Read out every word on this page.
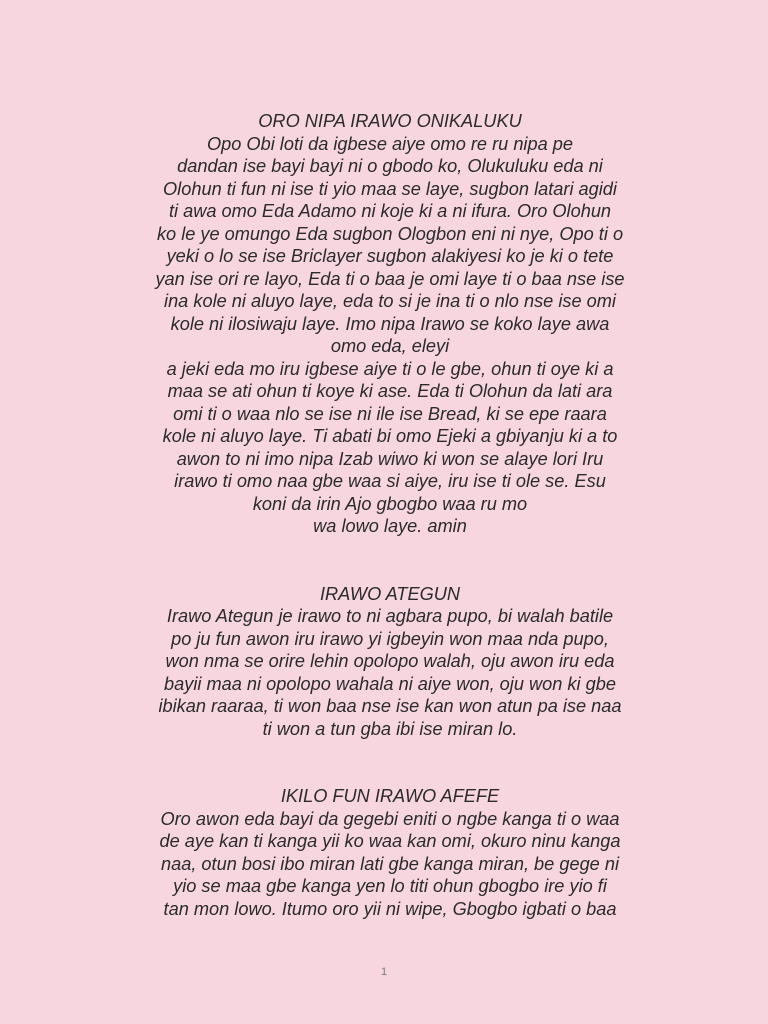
ORO NIPA IRAWO ONIKALUKU
Opo Obi loti da igbese aiye omo re ru nipa pe
dandan ise bayi bayi ni o gbodo ko, Olukuluku eda ni
Olohun ti fun ni ise ti yio maa se laye, sugbon latari agidi
ti awa omo Eda Adamo ni koje ki a ni ifura. Oro Olohun
ko le ye omungo Eda sugbon Ologbon eni ni nye, Opo ti o
yeki o lo se ise Briclayer sugbon alakiyesi ko je ki o tete
yan ise ori re layo, Eda ti o baa je omi laye ti o baa nse ise
ina kole ni aluyo laye, eda to si je ina ti o nlo nse ise omi
kole ni ilosiwaju laye. Imo nipa Irawo se koko laye awa
omo eda, eleyi
a jeki eda mo iru igbese aiye ti o le gbe, ohun ti oye ki a
maa se ati ohun ti koye ki ase. Eda ti Olohun da lati ara
omi ti o waa nlo se ise ni ile ise Bread, ki se epe raara
kole ni aluyo laye. Ti abati bi omo Ejeki a gbiyanju ki a to
awon to ni imo nipa Izab wiwo ki won se alaye lori Iru
irawo ti omo naa gbe waa si aiye, iru ise ti ole se. Esu
koni da irin Ajo gbogbo waa ru mo
wa lowo laye. amin
IRAWO ATEGUN
Irawo Ategun je irawo to ni agbara pupo, bi walah batile
po ju fun awon iru irawo yi igbeyin won maa nda pupo,
won nma se orire lehin opolopo walah, oju awon iru eda
bayii maa ni opolopo wahala ni aiye won, oju won ki gbe
ibikan raaraa, ti won baa nse ise kan won atun pa ise naa
ti won a tun gba ibi ise miran lo.
IKILO FUN IRAWO AFEFE
Oro awon eda bayi da gegebi eniti o ngbe kanga ti o waa
de aye kan ti kanga yii ko waa kan omi, okuro ninu kanga
naa, otun bosi ibo miran lati gbe kanga miran, be gege ni
yio se maa gbe kanga yen lo titi ohun gbogbo ire yio fi
tan mon lowo. Itumo oro yii ni wipe, Gbogbo igbati o baa
1
